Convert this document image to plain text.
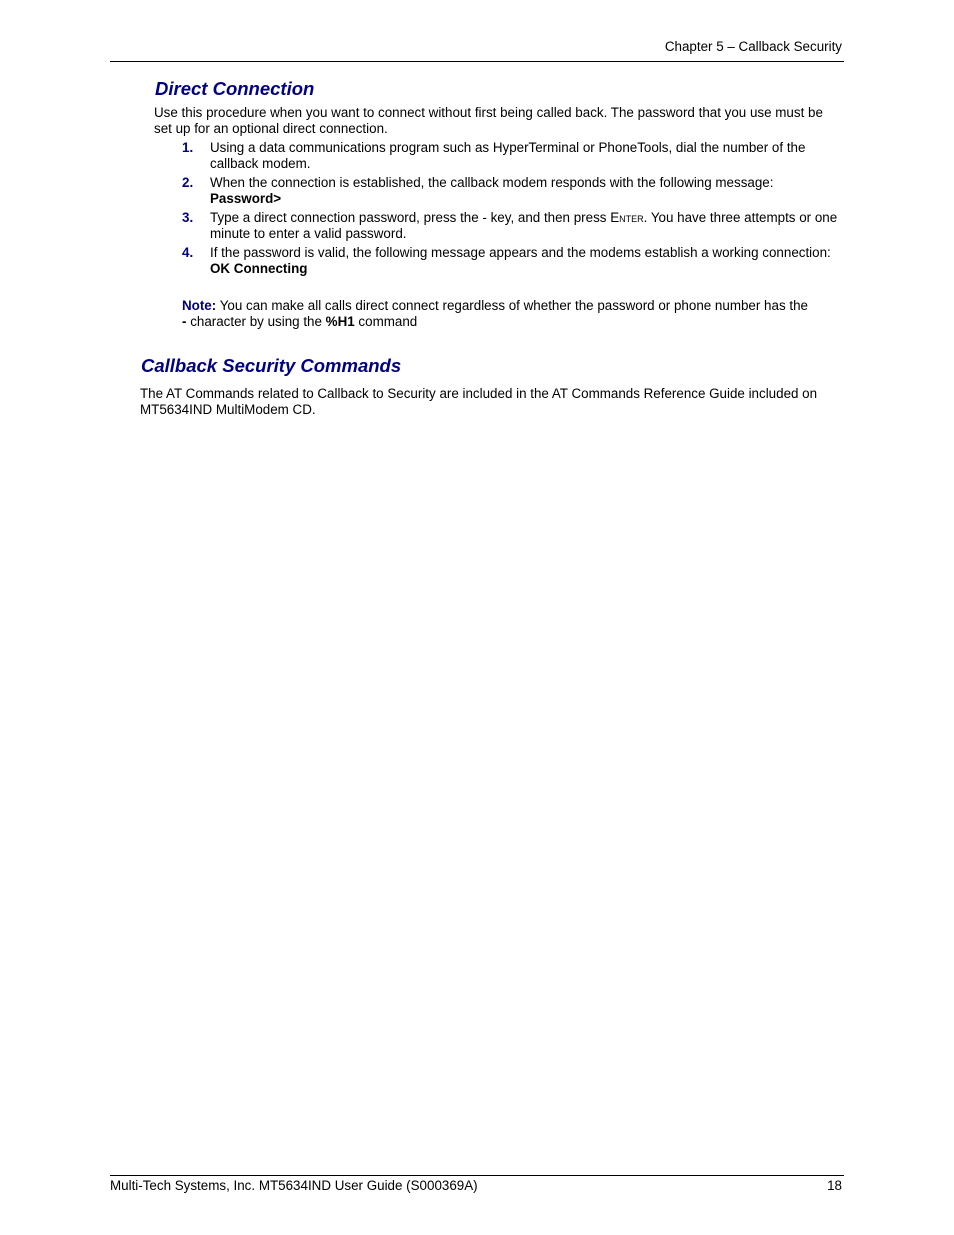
Chapter 5 – Callback Security
Direct Connection

Use this procedure when you want to connect without first being called back. The password that you use must be set up for an optional direct connection.

1.	Using a data communications program such as HyperTerminal or PhoneTools, dial the number of the callback modem.
2.	When the connection is established, the callback modem responds with the following message:
Password>
3.	Type a direct connection password, press the - key, and then press Enter. You have three attempts or one minute to enter a valid password.
4.	If the password is valid, the following message appears and the modems establish a working connection:
OK Connecting

Note: You can make all calls direct connect regardless of whether the password or phone number has the
- character by using the %H1 command

Callback Security Commands

The AT Commands related to Callback to Security are included in the AT Commands Reference Guide included on MT5634IND MultiModem CD.

Multi-Tech Systems, Inc. MT5634IND User Guide (S000369A)	18
